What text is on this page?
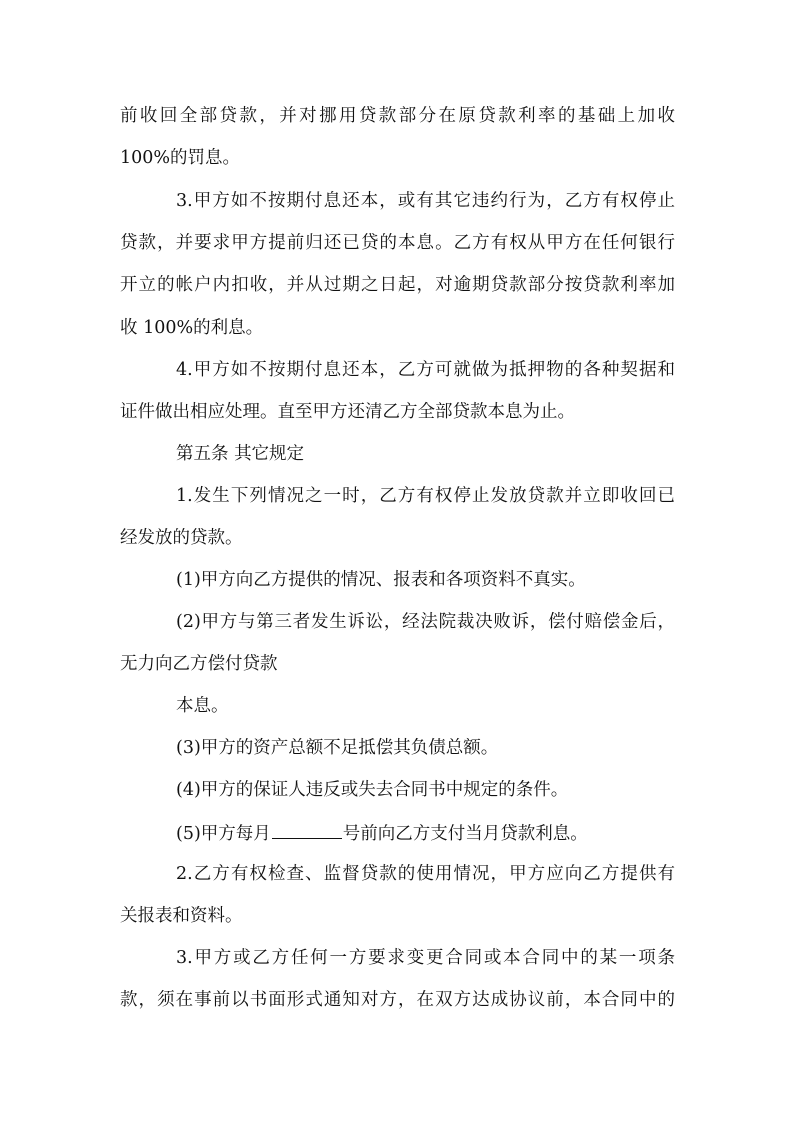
前收回全部贷款，并对挪用贷款部分在原贷款利率的基础上加收
100%的罚息。
3.甲方如不按期付息还本，或有其它违约行为，乙方有权停止
贷款，并要求甲方提前归还已贷的本息。乙方有权从甲方在任何银行
开立的帐户内扣收，并从过期之日起，对逾期贷款部分按贷款利率加
收 100%的利息。
4.甲方如不按期付息还本，乙方可就做为抵押物的各种契据和
证件做出相应处理。直至甲方还清乙方全部贷款本息为止。
第五条 其它规定
1.发生下列情况之一时，乙方有权停止发放贷款并立即收回已
经发放的贷款。
(1)甲方向乙方提供的情况、报表和各项资料不真实。
(2)甲方与第三者发生诉讼，经法院裁决败诉，偿付赔偿金后，
无力向乙方偿付贷款
本息。
(3)甲方的资产总额不足抵偿其负债总额。
(4)甲方的保证人违反或失去合同书中规定的条件。
(5)甲方每月	号前向乙方支付当月贷款利息。
2.乙方有权检查、监督贷款的使用情况，甲方应向乙方提供有
关报表和资料。
3.甲方或乙方任何一方要求变更合同或本合同中的某一项条
款，须在事前以书面形式通知对方，在双方达成协议前，本合同中的
